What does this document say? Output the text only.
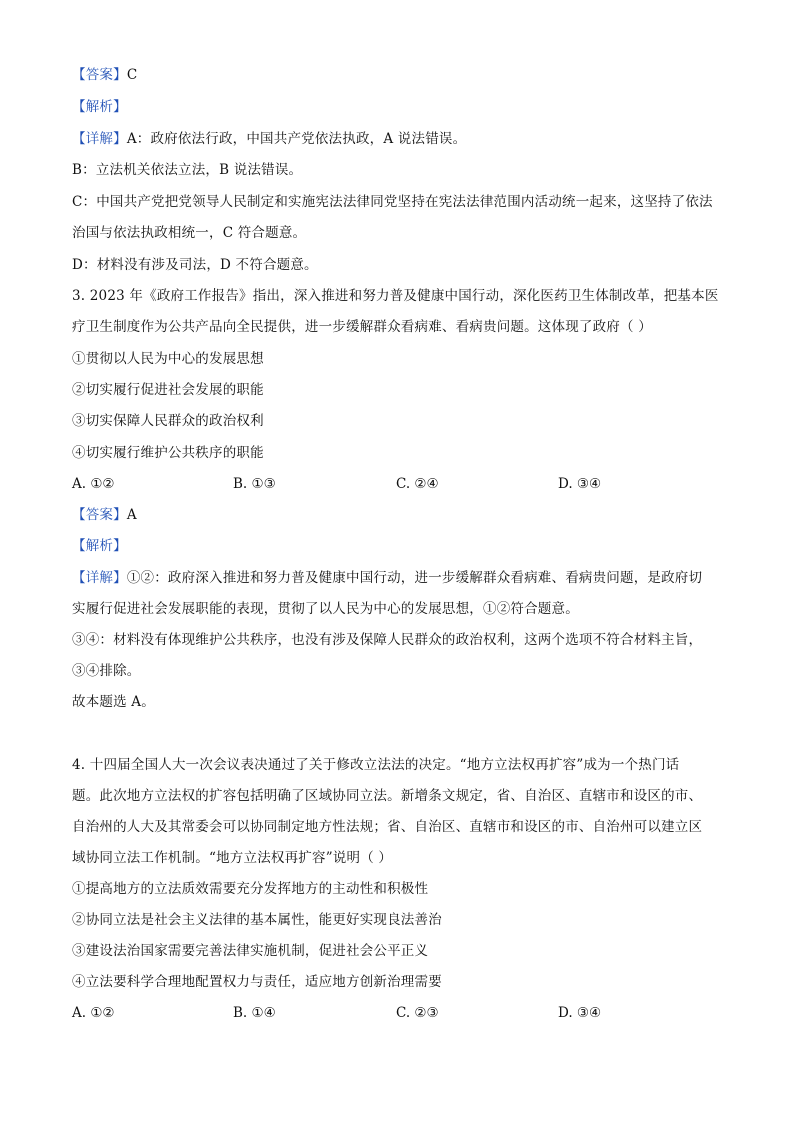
【答案】C
【解析】
【详解】A：政府依法行政，中国共产党依法执政，A 说法错误。
B：立法机关依法立法，B 说法错误。
C：中国共产党把党领导人民制定和实施宪法法律同党坚持在宪法法律范围内活动统一起来，这坚持了依法
治国与依法执政相统一，C 符合题意。
D：材料没有涉及司法，D 不符合题意。
3. 2023 年《政府工作报告》指出，深入推进和努力普及健康中国行动，深化医药卫生体制改革，把基本医
疗卫生制度作为公共产品向全民提供，进一步缓解群众看病难、看病贵问题。这体现了政府（ ）
①贯彻以人民为中心的发展思想
②切实履行促进社会发展的职能
③切实保障人民群众的政治权利
④切实履行维护公共秩序的职能
A. ①②	B. ①③	C. ②④	D. ③④
【答案】A
【解析】
【详解】①②：政府深入推进和努力普及健康中国行动，进一步缓解群众看病难、看病贵问题，是政府切
实履行促进社会发展职能的表现，贯彻了以人民为中心的发展思想，①②符合题意。
③④：材料没有体现维护公共秩序，也没有涉及保障人民群众的政治权利，这两个选项不符合材料主旨，
③④排除。
故本题选 A。
4. 十四届全国人大一次会议表决通过了关于修改立法法的决定。“地方立法权再扩容”成为一个热门话
题。此次地方立法权的扩容包括明确了区域协同立法。新增条文规定，省、自治区、直辖市和设区的市、
自治州的人大及其常委会可以协同制定地方性法规；省、自治区、直辖市和设区的市、自治州可以建立区
域协同立法工作机制。“地方立法权再扩容”说明（ ）
①提高地方的立法质效需要充分发挥地方的主动性和积极性
②协同立法是社会主义法律的基本属性，能更好实现良法善治
③建设法治国家需要完善法律实施机制，促进社会公平正义
④立法要科学合理地配置权力与责任，适应地方创新治理需要
A. ①②	B. ①④	C. ②③	D. ③④
